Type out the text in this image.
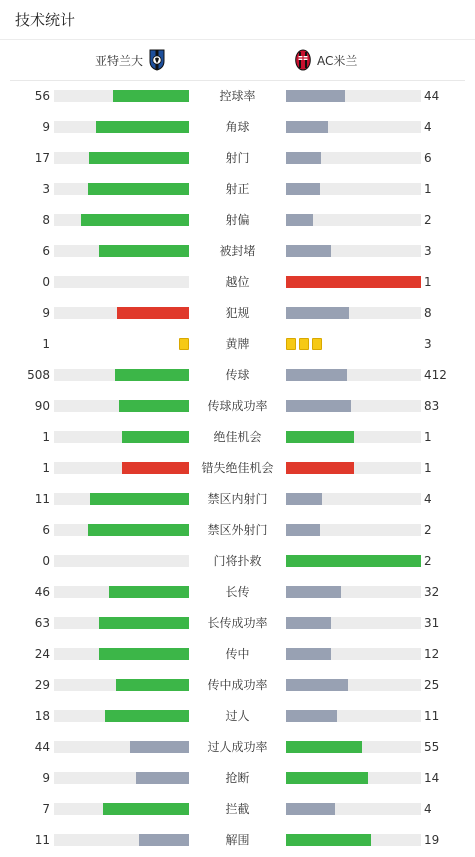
技术统计
亚特兰大	AC米兰
56	控球率	44
9	角球	4
17	射门	6
3	射正	1
8	射偏	2
6	被封堵	3
0	越位	1
9	犯规	8
1	黄牌	3
508	传球	412
90	传球成功率	83
1	绝佳机会	1
1	错失绝佳机会	1
11	禁区内射门	4
6	禁区外射门	2
0	门将扑救	2
46	长传	32
63	长传成功率	31
24	传中	12
29	传中成功率	25
18	过人	11
44	过人成功率	55
9	抢断	14
7	拦截	4
11	解围	19
